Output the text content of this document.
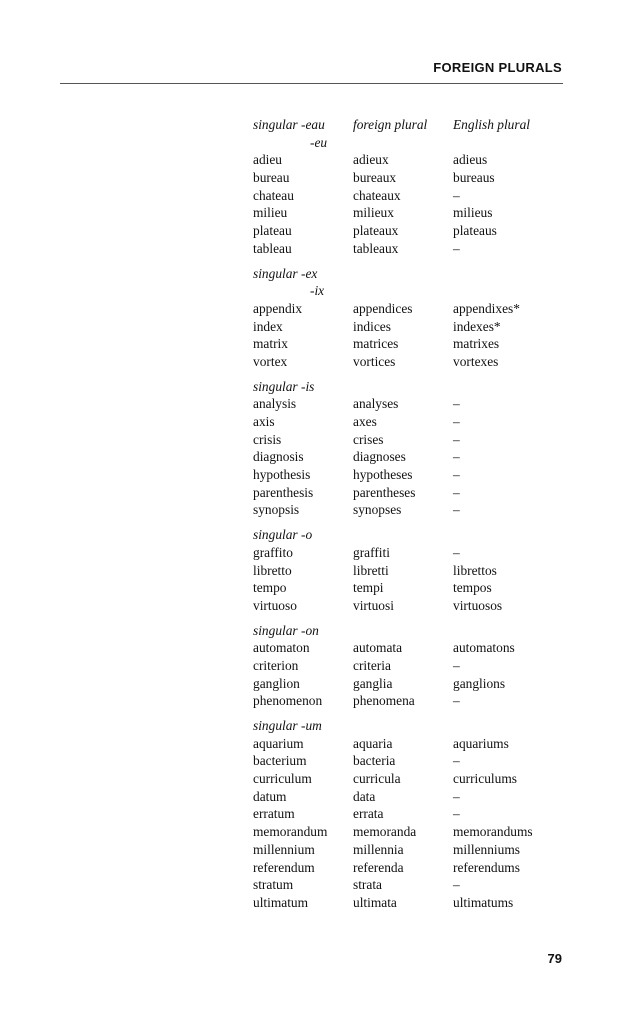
FOREIGN PLURALS
singular -eau	foreign plural	English plural
-eu
adieu	adieux	adieus
bureau	bureaux	bureaus
chateau	chateaux	–
milieu	milieux	milieus
plateau	plateaux	plateaus
tableau	tableaux	–
singular -ex
-ix
appendix	appendices	appendixes*
index	indices	indexes*
matrix	matrices	matrixes
vortex	vortices	vortexes
singular -is
analysis	analyses	–
axis	axes	–
crisis	crises	–
diagnosis	diagnoses	–
hypothesis	hypotheses	–
parenthesis	parentheses	–
synopsis	synopses	–
singular -o
graffito	graffiti	–
libretto	libretti	librettos
tempo	tempi	tempos
virtuoso	virtuosi	virtuosos
singular -on
automaton	automata	automatons
criterion	criteria	–
ganglion	ganglia	ganglions
phenomenon	phenomena	–
singular -um
aquarium	aquaria	aquariums
bacterium	bacteria	–
curriculum	curricula	curriculums
datum	data	–
erratum	errata	–
memorandum	memoranda	memorandums
millennium	millennia	millenniums
referendum	referenda	referendums
stratum	strata	–
ultimatum	ultimata	ultimatums
79
